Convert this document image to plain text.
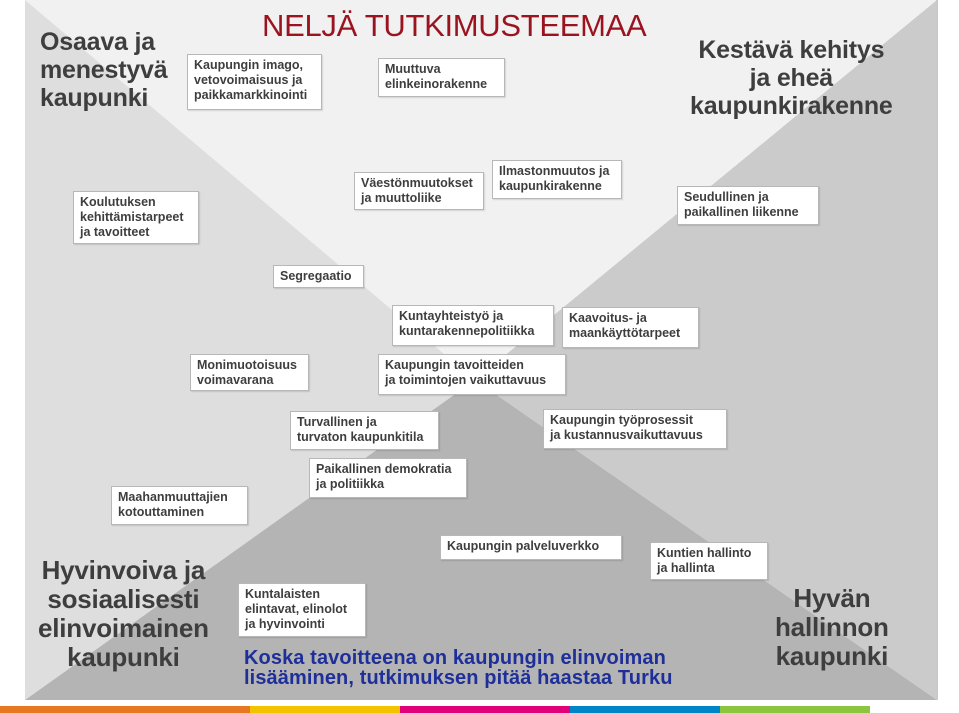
NELJÄ TUTKIMUSTEEMAA

Osaava ja
menestyvä
kaupunki

Kestävä kehitys
ja eheä
kaupunkirakenne

Hyvinvoiva ja
sosiaalisesti
elinvoimainen
kaupunki

Hyvän
hallinnon
kaupunki

Kaupungin imago,
vetovoimaisuus ja
paikkamarkkinointi
Muuttuva
elinkeinorakenne
Väestönmuutokset
ja muuttoliike
Ilmastonmuutos ja
kaupunkirakenne
Koulutuksen
kehittämistarpeet
ja tavoitteet
Seudullinen ja
paikallinen liikenne
Segregaatio
Kuntayhteistyö ja
kuntarakennepolitiikka
Kaavoitus- ja
maankäyttötarpeet
Monimuotoisuus
voimavarana
Kaupungin tavoitteiden
ja toimintojen vaikuttavuus
Turvallinen ja
turvaton kaupunkitila
Kaupungin työprosessit
ja kustannusvaikuttavuus
Paikallinen demokratia
ja politiikka
Maahanmuuttajien
kotouttaminen
Kaupungin palveluverkko	Kuntien hallinto
ja hallinta
Kuntalaisten
elintavat, elinolot
ja hyvinvointi

Koska tavoitteena on kaupungin elinvoiman
lisääminen, tutkimuksen pitää haastaa Turku
